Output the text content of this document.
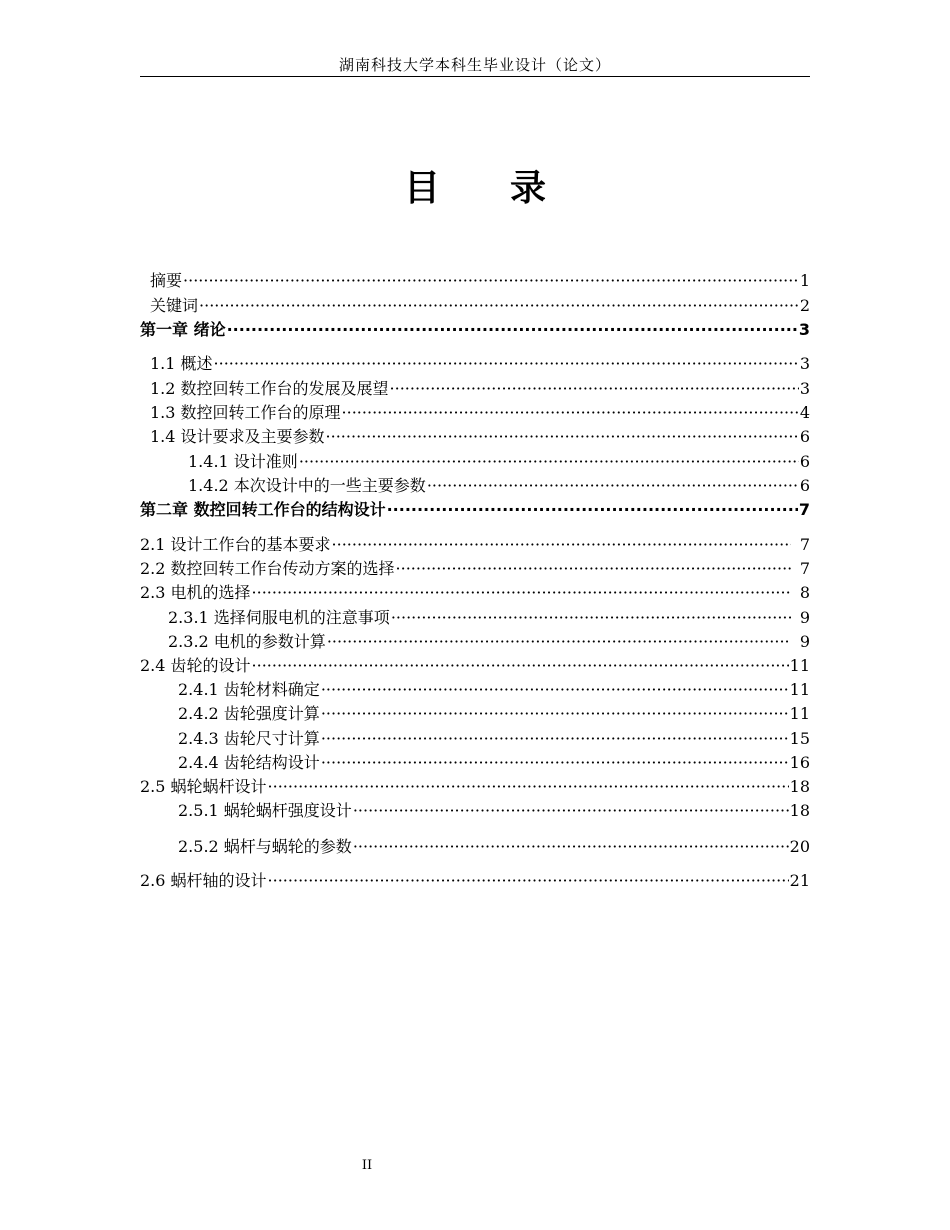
湖南科技大学本科生毕业设计（论文）
目录
摘要 ·····	1
关键词 ·····	2
第一章 绪论 ·····	3
1.1 概述 ·····	3
1.2 数控回转工作台的发展及展望 ·····	3
1.3 数控回转工作台的原理 ·····	4
1.4 设计要求及主要参数 ·····	6
1.4.1 设计准则 ·····	6
1.4.2 本次设计中的一些主要参数 ·····	6
第二章 数控回转工作台的结构设计 ·····	7
2.1 设计工作台的基本要求 ·····	7
2.2 数控回转工作台传动方案的选择 ·····	7
2.3 电机的选择 ·····	8
2.3.1 选择伺服电机的注意事项 ·····	9
2.3.2 电机的参数计算 ·····	9
2.4 齿轮的设计 ·····	11
2.4.1 齿轮材料确定 ·····	11
2.4.2 齿轮强度计算 ·····	11
2.4.3 齿轮尺寸计算 ·····	15
2.4.4 齿轮结构设计 ·····	16
2.5 蜗轮蜗杆设计 ·····	18
2.5.1 蜗轮蜗杆强度设计 ·····	18
2.5.2 蜗杆与蜗轮的参数 ·····	20
2.6 蜗杆轴的设计 ·····	21
II
